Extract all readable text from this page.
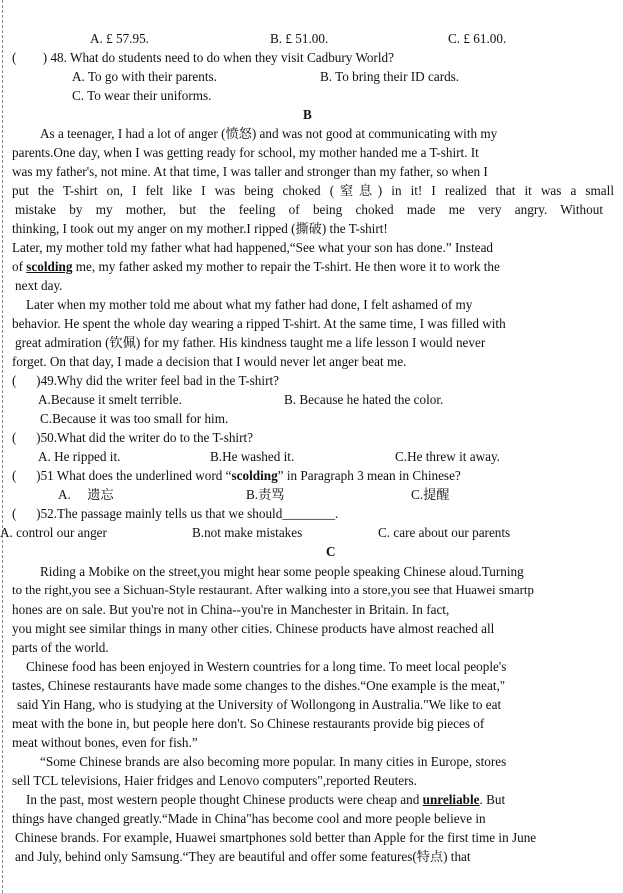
A. £ 57.95.	B. £ 51.00.	C. £ 61.00.
(        ) 48. What do students need to do when they visit Cadbury World?
A. To go with their parents.	B. To bring their ID cards.
C. To wear their uniforms.
B
As a teenager, I had a lot of anger (愤怒) and was not good at communicating with my
parents.One day, when I was getting ready for school, my mother handed me a T-shirt. It
was my father's, not mine. At that time, I was taller and stronger than my father, so when I
put the T-shirt on, I felt like I was being choked (窒息) in it! I realized that it was a small
mistake by my mother, but the feeling of being choked made me very angry. Without
thinking, I took out my anger on my mother.I ripped (撕破) the T-shirt!
Later, my mother told my father what had happened,“See what your son has done.” Instead
of scolding me, my father asked my mother to repair the T-shirt. He then wore it to work the
next day.
Later when my mother told me about what my father had done, I felt ashamed of my
behavior. He spent the whole day wearing a ripped T-shirt. At the same time, I was filled with
great admiration (钦佩) for my father. His kindness taught me a life lesson I would never
forget. On that day, I made a decision that I would never let anger beat me.
(      )49.Why did the writer feel bad in the T-shirt?
A.Because it smelt terrible.	B. Because he hated the color.
C.Because it was too small for him.
(      )50.What did the writer do to the T-shirt?
A. He ripped it.	B.He washed it.	C.He threw it away.
(      )51 What does the underlined word “scolding” in Paragraph 3 mean in Chinese?
A.     遗忘	B.责骂	C.提醒
(      )52.The passage mainly tells us that we should________.
A. control our anger	B.not make mistakes	C. care about our parents
C
Riding a Mobike on the street,you might hear some people speaking Chinese aloud.Turning
to the right,you see a Sichuan-Style restaurant. After walking into a store,you see that Huawei smartp
hones are on sale. But you're not in China--you're in Manchester in Britain. In fact,
you might see similar things in many other cities. Chinese products have almost reached all
parts of the world.
Chinese food has been enjoyed in Western countries for a long time. To meet local people's
tastes, Chinese restaurants have made some changes to the dishes.“One example is the meat,"
said Yin Hang, who is studying at the University of Wollongong in Australia."We like to eat
meat with the bone in, but people here don't. So Chinese restaurants provide big pieces of
meat without bones, even for fish.”
“Some Chinese brands are also becoming more popular. In many cities in Europe, stores
sell TCL televisions, Haier fridges and Lenovo computers",reported Reuters.
In the past, most western people thought Chinese products were cheap and unreliable. But
things have changed greatly.“Made in China"has become cool and more people believe in
Chinese brands. For example, Huawei smartphones sold better than Apple for the first time in June
and July, behind only Samsung.“They are beautiful and offer some features(特点) that
